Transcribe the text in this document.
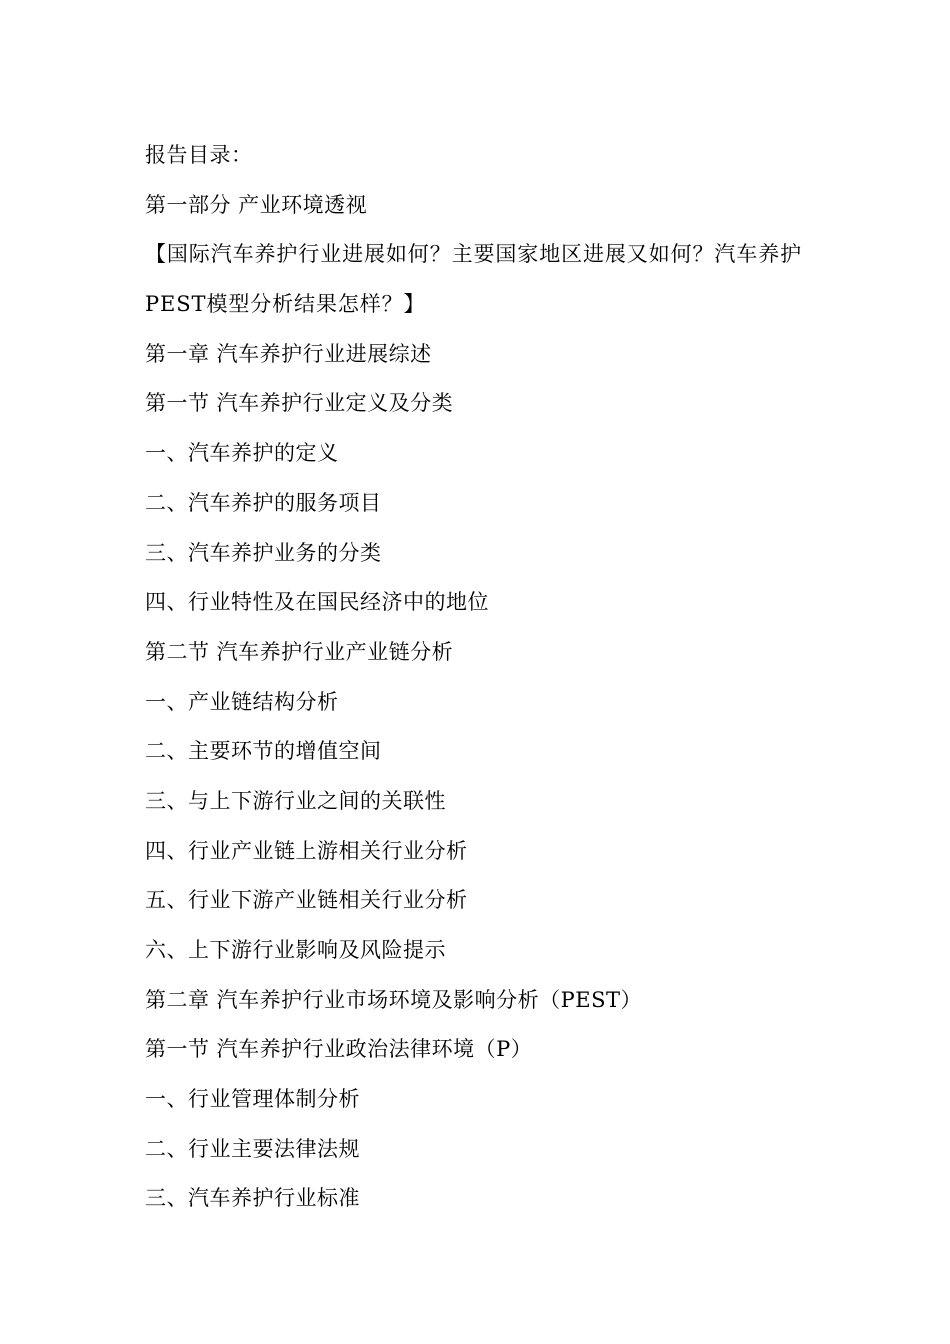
报告目录：
第一部分 产业环境透视
【国际汽车养护行业进展如何？主要国家地区进展又如何？汽车养护PEST模型分析结果怎样？】
第一章 汽车养护行业进展综述
第一节 汽车养护行业定义及分类
一、汽车养护的定义
二、汽车养护的服务项目
三、汽车养护业务的分类
四、行业特性及在国民经济中的地位
第二节 汽车养护行业产业链分析
一、产业链结构分析
二、主要环节的增值空间
三、与上下游行业之间的关联性
四、行业产业链上游相关行业分析
五、行业下游产业链相关行业分析
六、上下游行业影响及风险提示
第二章 汽车养护行业市场环境及影响分析（PEST）
第一节 汽车养护行业政治法律环境（P）
一、行业管理体制分析
二、行业主要法律法规
三、汽车养护行业标准
